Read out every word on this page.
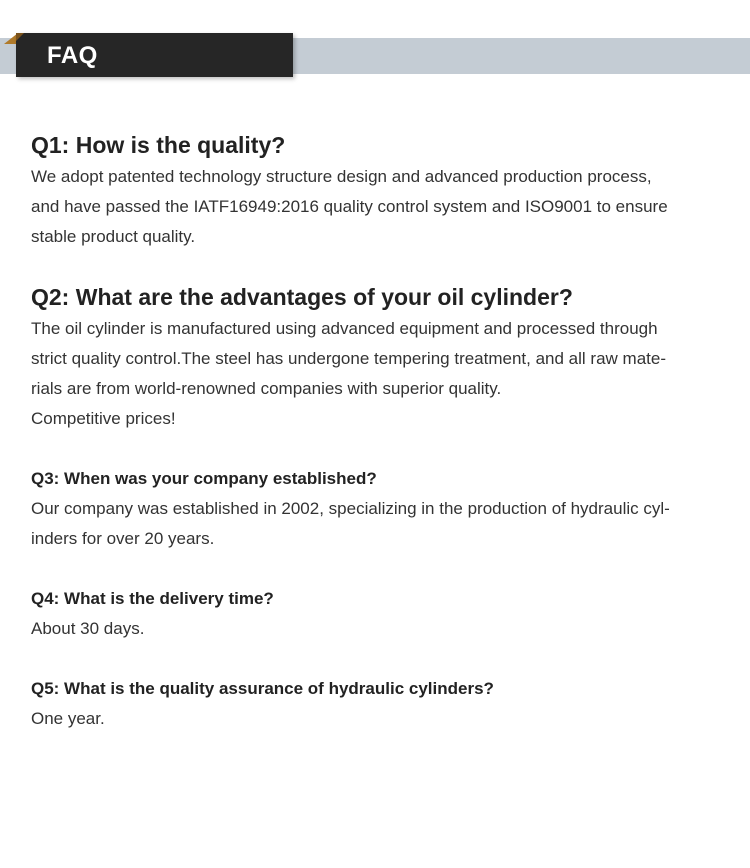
FAQ
Q1: How is the quality?

We adopt patented technology structure design and advanced production process,
and have passed the IATF16949:2016 quality control system and ISO9001 to ensure
stable product quality.

Q2: What are the advantages of your oil cylinder?

The oil cylinder is manufactured using advanced equipment and processed through
strict quality control.The steel has undergone tempering treatment, and all raw mate-
rials are from world-renowned companies with superior quality.
Competitive prices!

Q3: When was your company established?

Our company was established in 2002, specializing in the production of hydraulic cyl-
inders for over 20 years.

Q4: What is the delivery time?

About 30 days.

Q5: What is the quality assurance of hydraulic cylinders?

One year.
